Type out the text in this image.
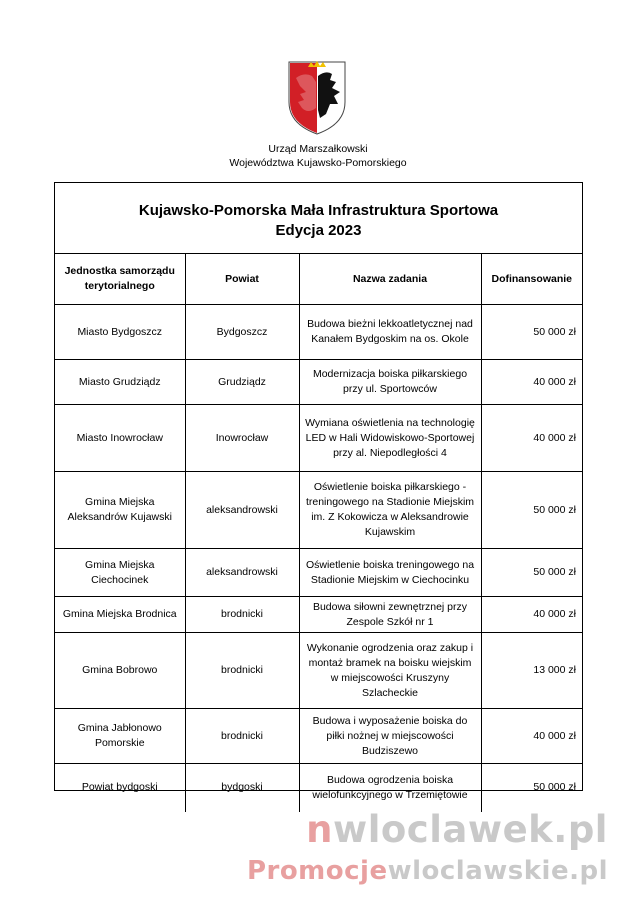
Urząd Marszałkowski
Województwa Kujawsko-Pomorskiego
Kujawsko-Pomorska Mała Infrastruktura Sportowa
Edycja 2023
Jednostka samorządu terytorialnego	Powiat	Nazwa zadania	Dofinansowanie
Miasto Bydgoszcz	Bydgoszcz	Budowa bieżni lekkoatletycznej nad Kanałem Bydgoskim na os. Okole	50 000 zł
Miasto Grudziądz	Grudziądz	Modernizacja boiska piłkarskiego przy ul. Sportowców	40 000 zł
Miasto Inowrocław	Inowrocław	Wymiana oświetlenia na technologię LED w Hali Widowiskowo-Sportowej przy al. Niepodległości 4	40 000 zł
Gmina Miejska Aleksandrów Kujawski	aleksandrowski	Oświetlenie boiska piłkarskiego - treningowego na Stadionie Miejskim im. Z Kokowicza w Aleksandrowie Kujawskim	50 000 zł
Gmina Miejska Ciechocinek	aleksandrowski	Oświetlenie boiska treningowego na Stadionie Miejskim w Ciechocinku	50 000 zł
Gmina Miejska Brodnica	brodnicki	Budowa siłowni zewnętrznej przy Zespole Szkół nr 1	40 000 zł
Gmina Bobrowo	brodnicki	Wykonanie ogrodzenia oraz zakup i montaż bramek na boisku wiejskim w miejscowości Kruszyny Szlacheckie	13 000 zł
Gmina Jabłonowo Pomorskie	brodnicki	Budowa i wyposażenie boiska do piłki nożnej w miejscowości Budziszewo	40 000 zł
Powiat bydgoski	bydgoski	Budowa ogrodzenia boiska wielofunkcyjnego w Trzemiętowie	50 000 zł
nwloclawek.pl
Promocjewloclawskie.pl
